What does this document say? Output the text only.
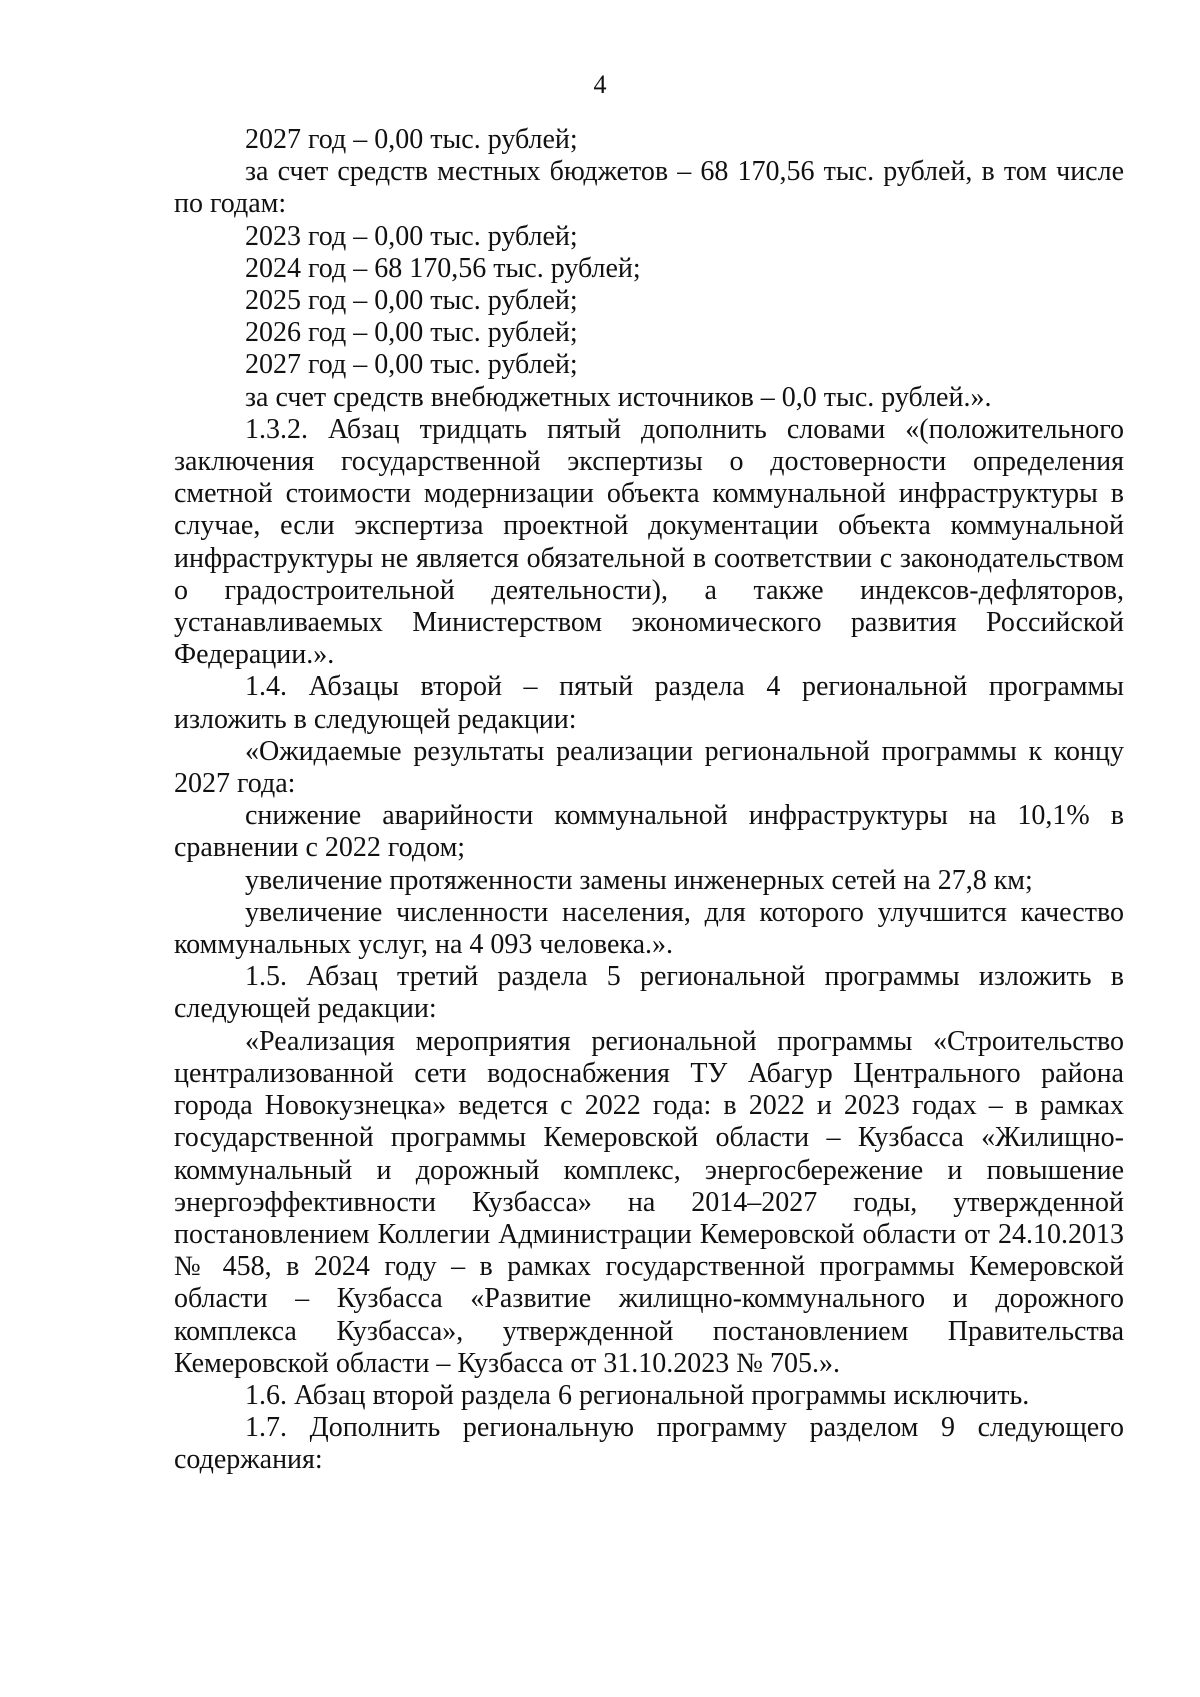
4

2027 год – 0,00 тыс. рублей;

за счет средств местных бюджетов – 68 170,56 тыс. рублей, в том числе по годам:

2023 год – 0,00 тыс. рублей;

2024 год – 68 170,56 тыс. рублей;

2025 год – 0,00 тыс. рублей;

2026 год – 0,00 тыс. рублей;

2027 год – 0,00 тыс. рублей;

за счет средств внебюджетных источников – 0,0 тыс. рублей.».

1.3.2. Абзац тридцать пятый дополнить словами «(положительного заключения государственной экспертизы о достоверности определения сметной стоимости модернизации объекта коммунальной инфраструктуры в случае, если экспертиза проектной документации объекта коммунальной инфраструктуры не является обязательной в соответствии с законодательством о градостроительной деятельности), а также индексов-дефляторов, устанавливаемых Министерством экономического развития Российской Федерации.».

1.4. Абзацы второй – пятый раздела 4 региональной программы изложить в следующей редакции:

«Ожидаемые результаты реализации региональной программы к концу 2027 года:

снижение аварийности коммунальной инфраструктуры на 10,1% в сравнении с 2022 годом;

увеличение протяженности замены инженерных сетей на 27,8 км;

увеличение численности населения, для которого улучшится качество коммунальных услуг, на 4 093 человека.».

1.5. Абзац третий раздела 5 региональной программы изложить в следующей редакции:

«Реализация мероприятия региональной программы «Строительство централизованной сети водоснабжения ТУ Абагур Центрального района города Новокузнецка» ведется с 2022 года: в 2022 и 2023 годах – в рамках государственной программы Кемеровской области – Кузбасса «Жилищно-коммунальный и дорожный комплекс, энергосбережение и повышение энергоэффективности Кузбасса» на 2014–2027 годы, утвержденной постановлением Коллегии Администрации Кемеровской области от 24.10.2013 № 458, в 2024 году – в рамках государственной программы Кемеровской области – Кузбасса «Развитие жилищно-коммунального и дорожного комплекса Кузбасса», утвержденной постановлением Правительства Кемеровской области – Кузбасса от 31.10.2023 № 705.».

1.6. Абзац второй раздела 6 региональной программы исключить.

1.7. Дополнить региональную программу разделом 9 следующего содержания:
